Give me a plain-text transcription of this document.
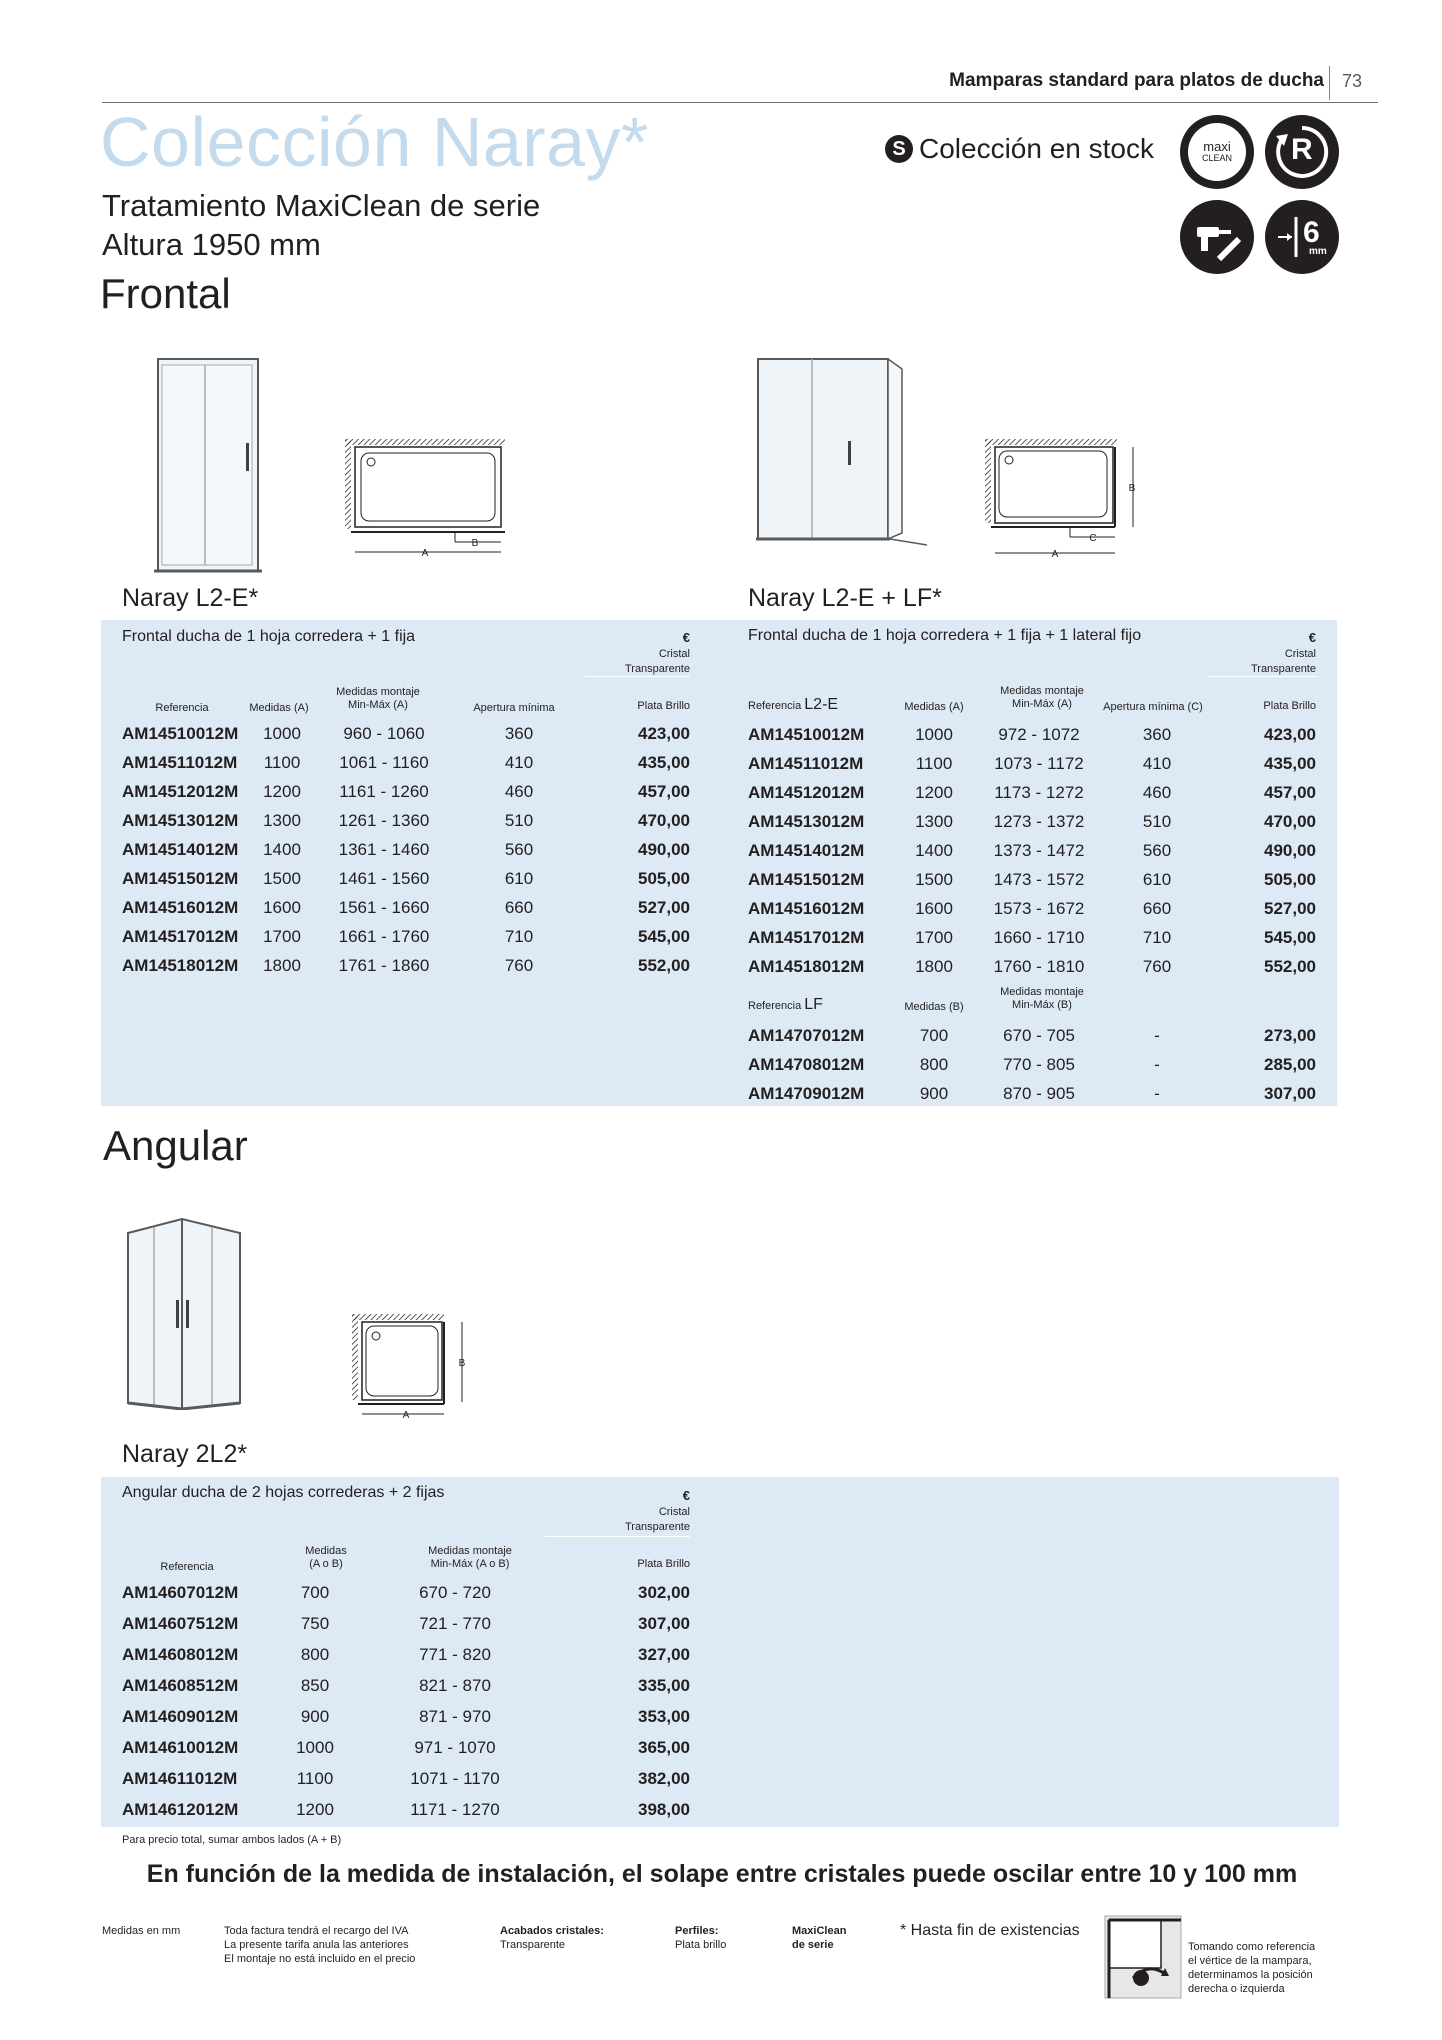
Mamparas standard para platos de ducha 73
Colección Naray*
Tratamiento MaxiClean de serie
Altura 1950 mm
S Colección en stock	maxi
CLEAN R
6
mm
Frontal
A
B
A
C
B
Naray L2-E*	Naray L2-E + LF*
Frontal ducha de 1 hoja corredera + 1 fija	€
Cristal
Transparente
Referencia	Medidas (A)
Medidas montaje
Min-Máx (A)	Apertura mínima	Plata Brillo
AM14510012M	1000	960 - 1060	360	423,00
AM14511012M	1100	1061 - 1160	410	435,00
AM14512012M	1200	1161 - 1260	460	457,00
AM14513012M	1300	1261 - 1360	510	470,00
AM14514012M	1400	1361 - 1460	560	490,00
AM14515012M	1500	1461 - 1560	610	505,00
AM14516012M	1600	1561 - 1660	660	527,00
AM14517012M	1700	1661 - 1760	710	545,00
AM14518012M	1800	1761 - 1860	760	552,00
Frontal ducha de 1 hoja corredera + 1 fija + 1 lateral fijo	€
Cristal
Transparente
Referencia L2-E	Medidas (A)
Medidas montaje
Min-Máx (A)	Apertura mínima (C)	Plata Brillo
AM14510012M	1000	972 - 1072	360	423,00
AM14511012M	1100	1073 - 1172	410	435,00
AM14512012M	1200	1173 - 1272	460	457,00
AM14513012M	1300	1273 - 1372	510	470,00
AM14514012M	1400	1373 - 1472	560	490,00
AM14515012M	1500	1473 - 1572	610	505,00
AM14516012M	1600	1573 - 1672	660	527,00
AM14517012M	1700	1660 - 1710	710	545,00
AM14518012M	1800	1760 - 1810	760	552,00
Referencia LF	Medidas (B)
Medidas montaje
Min-Máx (B)
AM14707012M	700	670 - 705	-	273,00
AM14708012M	800	770 - 805	-	285,00
AM14709012M	900	870 - 905	-	307,00
Angular
A
B
Naray 2L2*
Angular ducha de 2 hojas correderas + 2 fijas	€
Cristal
Transparente
Referencia
Medidas
(A o B)
Medidas montaje
Min-Máx (A o B)	Plata Brillo
AM14607012M	700	670 - 720	302,00
AM14607512M	750	721 - 770	307,00
AM14608012M	800	771 - 820	327,00
AM14608512M	850	821 - 870	335,00
AM14609012M	900	871 - 970	353,00
AM14610012M	1000	971 - 1070	365,00
AM14611012M	1100	1071 - 1170	382,00
AM14612012M	1200	1171 - 1270	398,00
Para precio total, sumar ambos lados (A + B)
En función de la medida de instalación, el solape entre cristales puede oscilar entre 10 y 100 mm
Medidas en mm	Toda factura tendrá el recargo del IVA
La presente tarifa anula las anteriores
El montaje no está incluido en el precio
Acabados cristales:
Transparente
Perfiles:
Plata brillo
MaxiClean
de serie
* Hasta fin de existencias
Tomando como referencia
el vértice de la mampara,
determinamos la posición
derecha o izquierda
